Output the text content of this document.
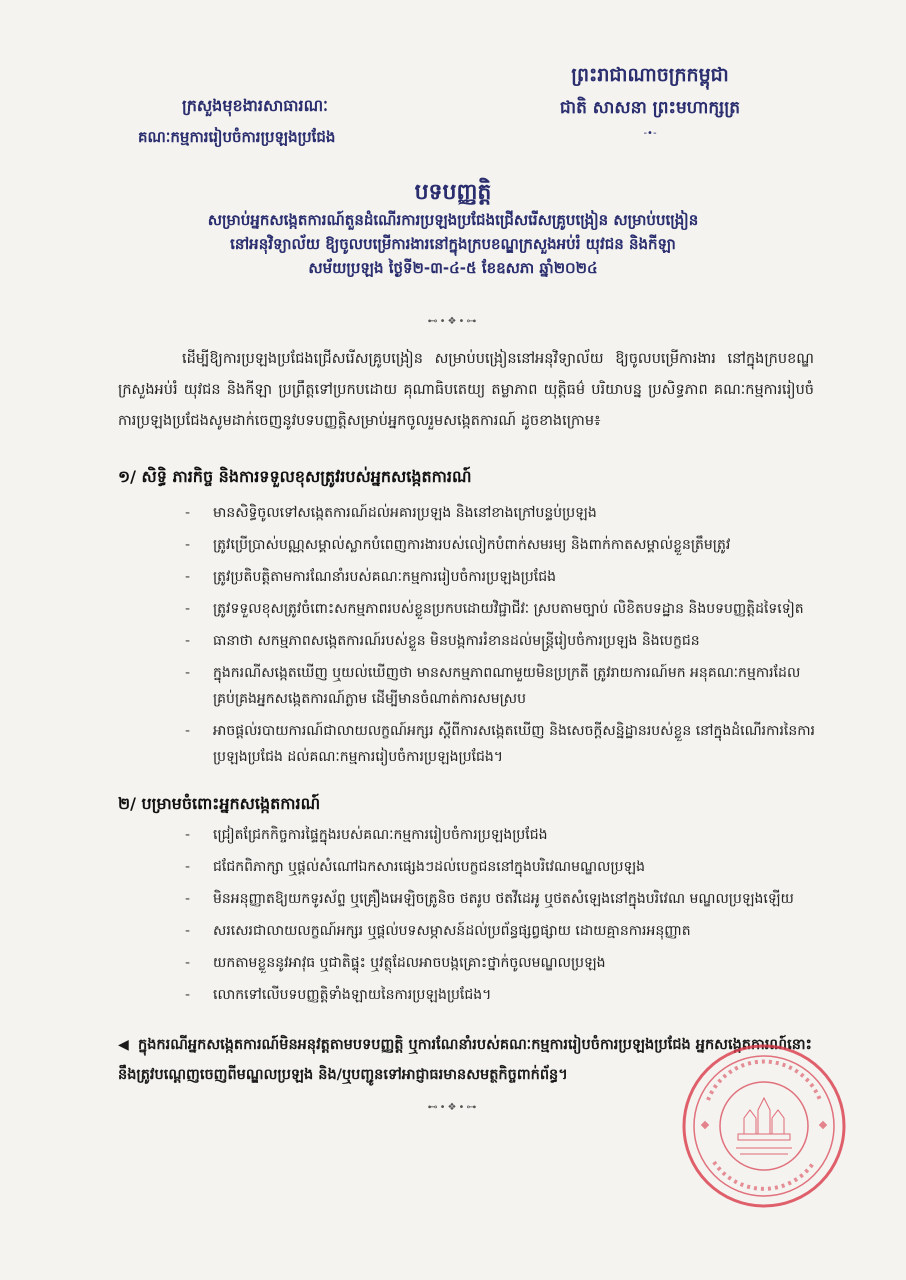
ព្រះរាជាណាចក្រកម្ពុជា
ជាតិ សាសនា ព្រះមហាក្សត្រ
-•-
ក្រសួងមុខងារសាធារណៈ
គណៈកម្មការរៀបចំការប្រឡងប្រជែង
បទបញ្ញត្តិ
សម្រាប់អ្នកសង្កេតការណ៍តួនដំណើរការប្រឡងប្រជែងជ្រើសរើសគ្រូបង្រៀន សម្រាប់បង្រៀន
នៅអនុវិទ្យាល័យ ឱ្យចូលបម្រើការងារនៅក្នុងក្របខណ្ឌក្រសួងអប់រំ យុវជន និងកីឡា
សម័យប្រឡង ថ្ងៃទី២-៣-៤-៥ ខែឧសភា ឆ្នាំ២០២៤
⊷•❖•⊶
ដើម្បីឱ្យការប្រឡងប្រជែងជ្រើសរើសគ្រូបង្រៀន សម្រាប់បង្រៀននៅអនុវិទ្យាល័យ ឱ្យចូលបម្រើការងារ នៅក្នុងក្របខណ្ឌក្រសួងអប់រំ យុវជន និងកីឡា ប្រព្រឹត្តទៅប្រកបដោយ គុណាធិបតេយ្យ តម្លាភាព យុត្តិធម៌ បរិយាបន្ន ប្រសិទ្ធភាព គណៈកម្មការរៀបចំការប្រឡងប្រជែងសូមដាក់ចេញនូវបទបញ្ញត្តិសម្រាប់អ្នកចូលរួមសង្កេតការណ៍ ដូចខាងក្រោម៖
១/ សិទ្ធិ ភារកិច្ច និងការទទួលខុសត្រូវរបស់អ្នកសង្កេតការណ៍
- មានសិទ្ធិចូលទៅសង្កេតការណ៍ដល់អគារប្រឡង និងនៅខាងក្រៅបន្ទប់ប្រឡង
- ត្រូវប្រើប្រាស់បណ្ណសម្គាល់ស្លាកបំពេញការងារបស់លៀកបំពាក់សមរម្យ និងពាក់កាតសម្គាល់ខ្លួនត្រឹមត្រូវ
- ត្រូវប្រតិបត្តិតាមការណែនាំរបស់គណៈកម្មការរៀបចំការប្រឡងប្រជែង
- ត្រូវទទួលខុសត្រូវចំពោះសកម្មភាពរបស់ខ្លួនប្រកបដោយវិជ្ជាជីវៈ ស្របតាមច្បាប់ លិខិតបទដ្ឋាន និងបទបញ្ញត្តិដទៃទៀត
- ធានាថា សកម្មភាពសង្កេតការណ៍របស់ខ្លួន មិនបង្កការរំខានដល់មន្ត្រីរៀបចំការប្រឡង និងបេក្ខជន
- ក្នុងករណីសង្កេតឃើញ ឬយល់ឃើញថា មានសកម្មភាពណាមួយមិនប្រក្រតី ត្រូវរាយការណ៍មក អនុគណៈកម្មការដែលគ្រប់គ្រងអ្នកសង្កេតការណ៍ភ្លាម ដើម្បីមានចំណាត់ការសមស្រប
- អាចផ្តល់របាយការណ៍ជាលាយលក្ខណ៍អក្សរ ស្តីពីការសង្កេតឃើញ និងសេចក្តីសន្និដ្ឋានរបស់ខ្លួន នៅក្នុងដំណើរការនៃការប្រឡងប្រជែង ដល់គណៈកម្មការរៀបចំការប្រឡងប្រជែង។
២/ បម្រាមចំពោះអ្នកសង្កេតការណ៍
- ជ្រៀតជ្រែកកិច្ចការផ្ទៃក្នុងរបស់គណៈកម្មការរៀបចំការប្រឡងប្រជែង
- ជជែកពិភាក្សា ឬផ្តល់សំណៅឯកសារផ្សេងៗដល់បេក្ខជននៅក្នុងបរិវេណមណ្ឌលប្រឡង
- មិនអនុញ្ញាតឱ្យយកទូរស័ព្ទ ឬគ្រឿងអេឡិចត្រូនិច ថតរូប ថតវីដេអូ ឬថតសំឡេងនៅក្នុងបរិវេណ មណ្ឌលប្រឡងឡើយ
- សរសេរជាលាយលក្ខណ៍អក្សរ ឬផ្តល់បទសម្ភាសន៍ដល់ប្រព័ន្ធផ្សព្វផ្សាយ ដោយគ្មានការអនុញ្ញាត
- យកតាមខ្លួននូវអាវុធ ឬជាតិផ្ទុះ ឬវត្ថុដែលអាចបង្កគ្រោះថ្នាក់ចូលមណ្ឌលប្រឡង
- លោកទៅលើបទបញ្ញត្តិទាំងឡាយនៃការប្រឡងប្រជែង។
◀ ក្នុងករណីអ្នកសង្កេតការណ៍មិនអនុវត្តតាមបទបញ្ញត្តិ ឬការណែនាំរបស់គណៈកម្មការរៀបចំការប្រឡងប្រជែង អ្នកសង្កេតការណ៍នោះនឹងត្រូវបណ្តេញចេញពីមណ្ឌលប្រឡង និង/ឬបញ្ជូនទៅអាជ្ញាធរមានសមត្ថកិច្ចពាក់ព័ន្ធ។
⊷•❖•⊶
